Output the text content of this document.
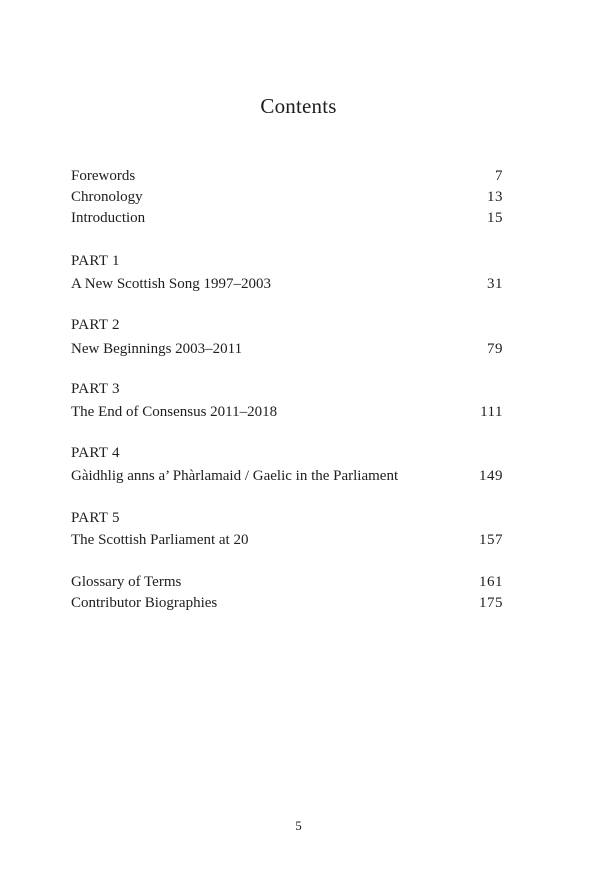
Contents
Forewords	7
Chronology	13
Introduction	15
PART 1
A New Scottish Song 1997–2003	31
PART 2
New Beginnings 2003–2011	79
PART 3
The End of Consensus 2011–2018	111
PART 4
Gàidhlig anns a’ Phàrlamaid / Gaelic in the Parliament	149
PART 5
The Scottish Parliament at 20	157
Glossary of Terms	161
Contributor Biographies	175
5
